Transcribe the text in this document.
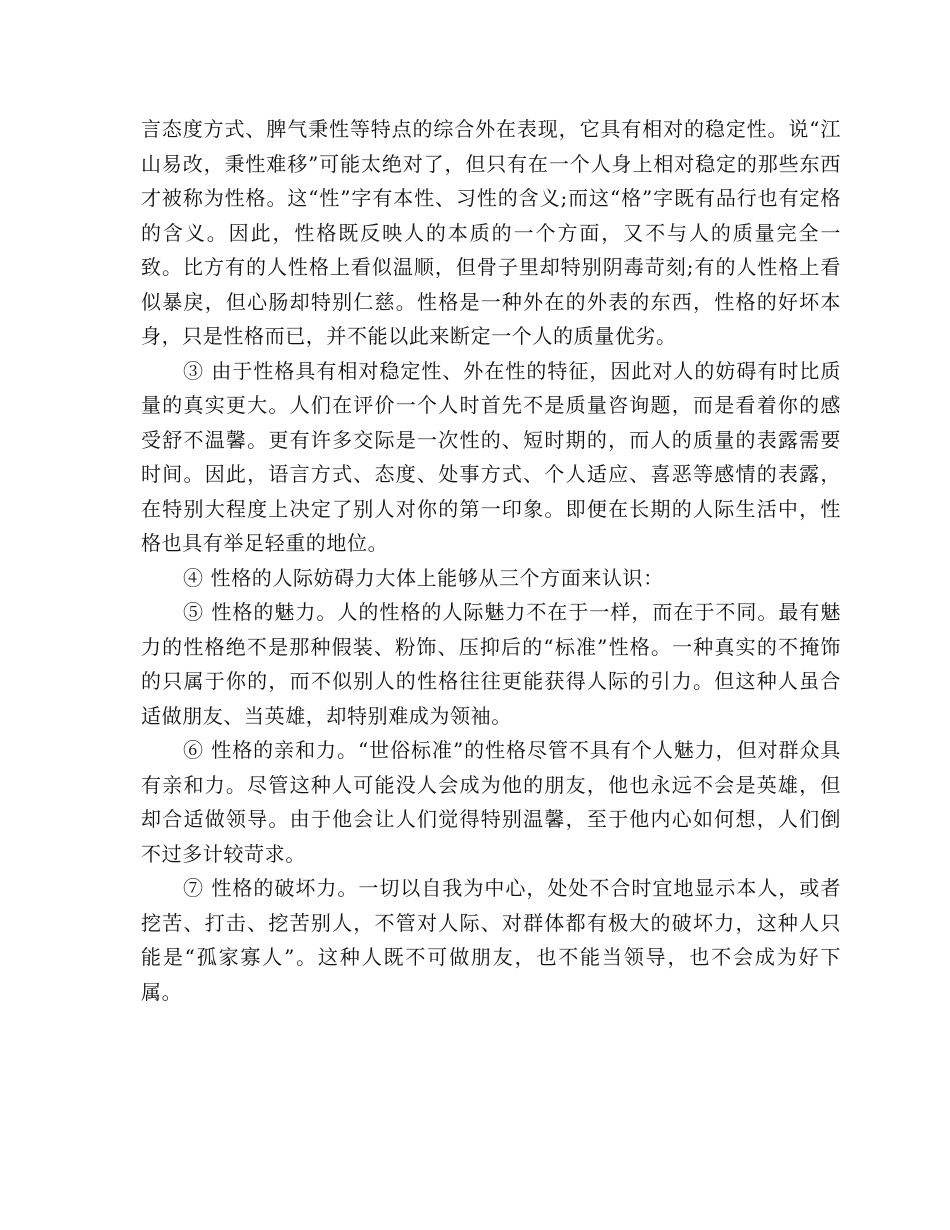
言态度方式、脾气秉性等特点的综合外在表现，它具有相对的稳定性。说“江山易改，秉性难移”可能太绝对了，但只有在一个人身上相对稳定的那些东西才被称为性格。这“性”字有本性、习性的含义;而这“格”字既有品行也有定格的含义。因此，性格既反映人的本质的一个方面，又不与人的质量完全一致。比方有的人性格上看似温顺，但骨子里却特别阴毒苛刻;有的人性格上看似暴戾，但心肠却特别仁慈。性格是一种外在的外表的东西，性格的好坏本身，只是性格而已，并不能以此来断定一个人的质量优劣。

③ 由于性格具有相对稳定性、外在性的特征，因此对人的妨碍有时比质量的真实更大。人们在评价一个人时首先不是质量咨询题，而是看着你的感受舒不温馨。更有许多交际是一次性的、短时期的，而人的质量的表露需要时间。因此，语言方式、态度、处事方式、个人适应、喜恶等感情的表露，在特别大程度上决定了别人对你的第一印象。即便在长期的人际生活中，性格也具有举足轻重的地位。

④ 性格的人际妨碍力大体上能够从三个方面来认识：

⑤ 性格的魅力。人的性格的人际魅力不在于一样，而在于不同。最有魅力的性格绝不是那种假装、粉饰、压抑后的“标准”性格。一种真实的不掩饰的只属于你的，而不似别人的性格往往更能获得人际的引力。但这种人虽合适做朋友、当英雄，却特别难成为领袖。

⑥ 性格的亲和力。“世俗标准”的性格尽管不具有个人魅力，但对群众具有亲和力。尽管这种人可能没人会成为他的朋友，他也永远不会是英雄，但却合适做领导。由于他会让人们觉得特别温馨，至于他内心如何想，人们倒不过多计较苛求。

⑦ 性格的破坏力。一切以自我为中心，处处不合时宜地显示本人，或者挖苦、打击、挖苦别人，不管对人际、对群体都有极大的破坏力，这种人只能是“孤家寡人”。这种人既不可做朋友，也不能当领导，也不会成为好下属。
